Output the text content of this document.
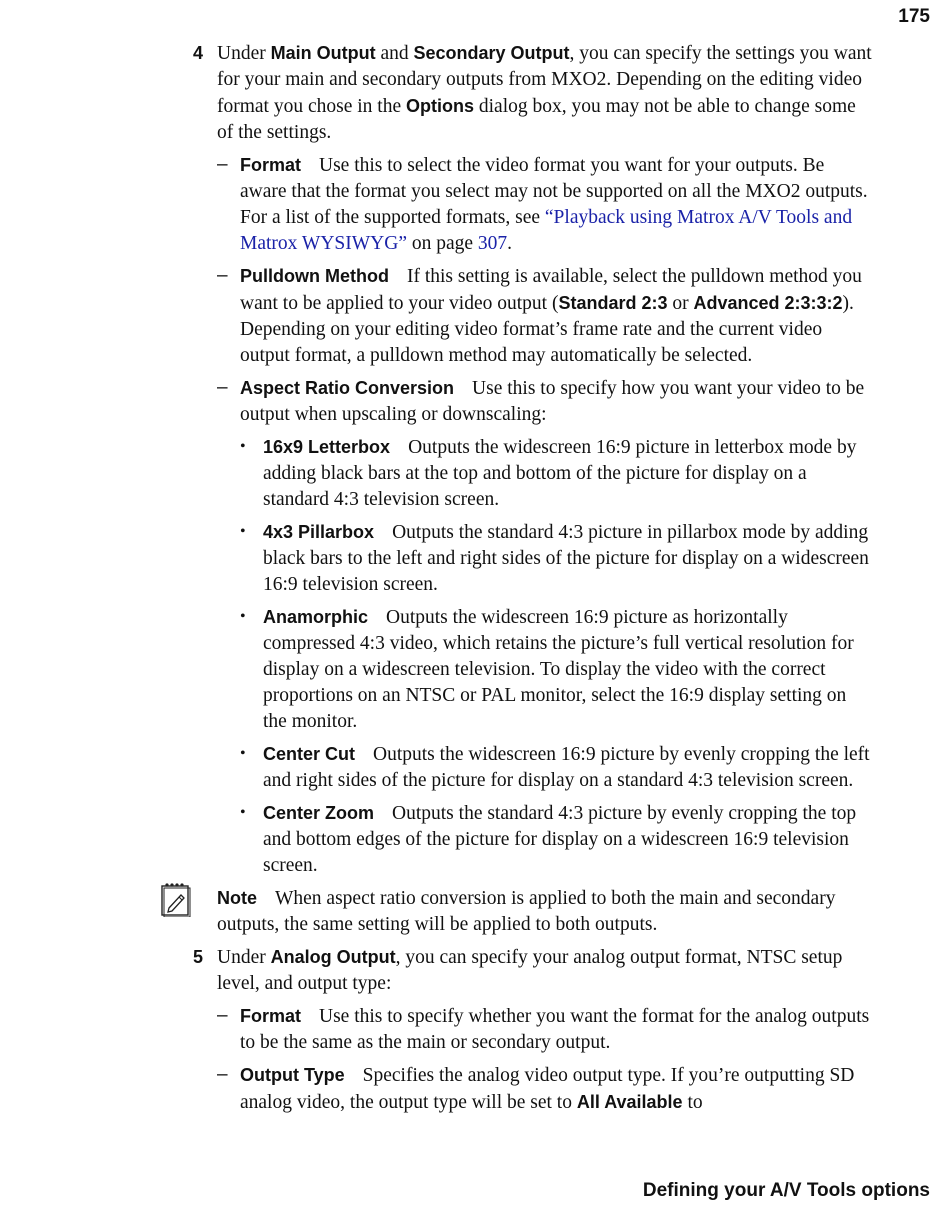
175
4 Under Main Output and Secondary Output, you can specify the settings you want for your main and secondary outputs from MXO2. Depending on the editing video format you chose in the Options dialog box, you may not be able to change some of the settings.
– Format Use this to select the video format you want for your outputs. Be aware that the format you select may not be supported on all the MXO2 outputs. For a list of the supported formats, see “Playback using Matrox A/V Tools and Matrox WYSIWYG” on page 307.
– Pulldown Method If this setting is available, select the pulldown method you want to be applied to your video output (Standard 2:3 or Advanced 2:3:3:2). Depending on your editing video format’s frame rate and the current video output format, a pulldown method may automatically be selected.
– Aspect Ratio Conversion Use this to specify how you want your video to be output when upscaling or downscaling:
• 16x9 Letterbox Outputs the widescreen 16:9 picture in letterbox mode by adding black bars at the top and bottom of the picture for display on a standard 4:3 television screen.
• 4x3 Pillarbox Outputs the standard 4:3 picture in pillarbox mode by adding black bars to the left and right sides of the picture for display on a widescreen 16:9 television screen.
• Anamorphic Outputs the widescreen 16:9 picture as horizontally compressed 4:3 video, which retains the picture’s full vertical resolution for display on a widescreen television. To display the video with the correct proportions on an NTSC or PAL monitor, select the 16:9 display setting on the monitor.
• Center Cut Outputs the widescreen 16:9 picture by evenly cropping the left and right sides of the picture for display on a standard 4:3 television screen.
• Center Zoom Outputs the standard 4:3 picture by evenly cropping the top and bottom edges of the picture for display on a widescreen 16:9 television screen.
Note When aspect ratio conversion is applied to both the main and secondary outputs, the same setting will be applied to both outputs.
5 Under Analog Output, you can specify your analog output format, NTSC setup level, and output type:
– Format Use this to specify whether you want the format for the analog outputs to be the same as the main or secondary output.
– Output Type Specifies the analog video output type. If you’re outputting SD analog video, the output type will be set to All Available to
Defining your A/V Tools options
